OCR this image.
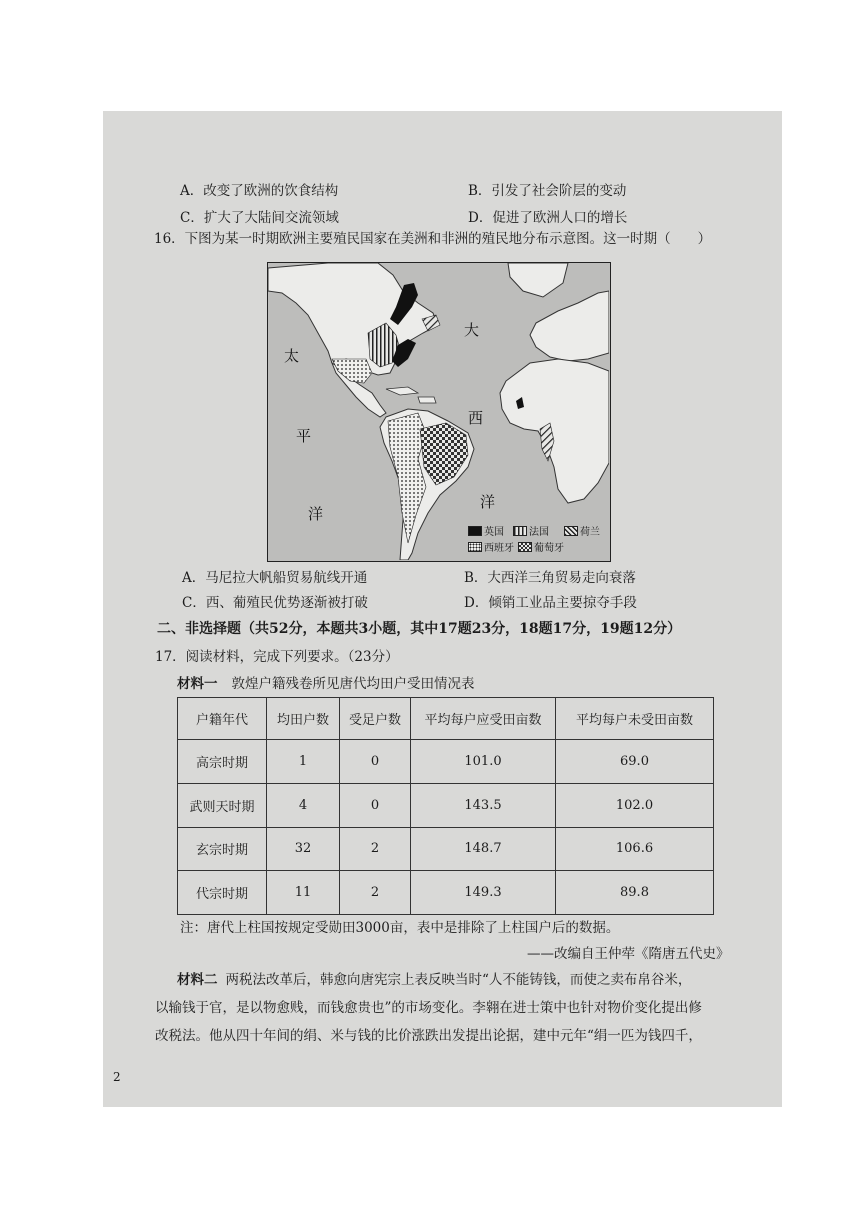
A．改变了欧洲的饮食结构	B．引发了社会阶层的变动
C．扩大了大陆间交流领域	D．促进了欧洲人口的增长
16．下图为某一时期欧洲主要殖民国家在美洲和非洲的殖民地分布示意图。这一时期（　　）
太
平
洋
大
西
洋
英国	法国	荷兰
西班牙 葡萄牙
A．马尼拉大帆船贸易航线开通	B．大西洋三角贸易走向衰落
C．西、葡殖民优势逐渐被打破	D．倾销工业品主要掠夺手段
二、非选择题（共52分，本题共3小题，其中17题23分，18题17分，19题12分）
17．阅读材料，完成下列要求。（23分）
材料一 敦煌户籍残卷所见唐代均田户受田情况表
户籍年代	均田户数	受足户数	平均每户应受田亩数	平均每户未受田亩数
高宗时期	1	0	101.0	69.0
武则天时期	4	0	143.5	102.0
玄宗时期	32	2	148.7	106.6
代宗时期	11	2	149.3	89.8
注：唐代上柱国按规定受勋田3000亩，表中是排除了上柱国户后的数据。
——改编自王仲荦《隋唐五代史》
材料二 两税法改革后，韩愈向唐宪宗上表反映当时“人不能铸钱，而使之卖布帛谷米，
以输钱于官，是以物愈贱，而钱愈贵也”的市场变化。李翱在进士策中也针对物价变化提出修
改税法。他从四十年间的绢、米与钱的比价涨跌出发提出论据，建中元年“绢一匹为钱四千，
2
